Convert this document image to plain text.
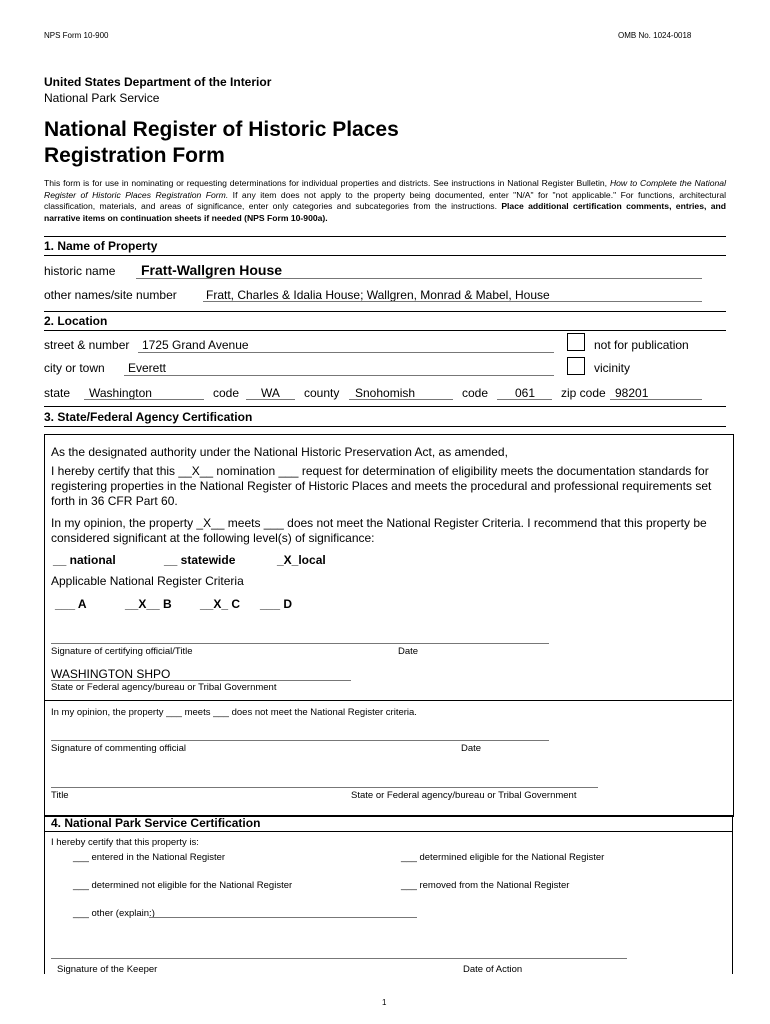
NPS Form 10-900	OMB No. 1024-0018
United States Department of the Interior
National Park Service
National Register of Historic Places
Registration Form
This form is for use in nominating or requesting determinations for individual properties and districts. See instructions in National Register Bulletin, How to Complete the National Register of Historic Places Registration Form. If any item does not apply to the property being documented, enter "N/A" for "not applicable." For functions, architectural classification, materials, and areas of significance, enter only categories and subcategories from the instructions. Place additional certification comments, entries, and narrative items on continuation sheets if needed (NPS Form 10-900a).
1. Name of Property
historic name Fratt-Wallgren House
other names/site number Fratt, Charles & Idalia House; Wallgren, Monrad & Mabel, House
2. Location
street & number 1725 Grand Avenue	not for publication
city or town Everett	vicinity
state Washington	code WA county Snohomish	code 061 zip code 98201
3. State/Federal Agency Certification
As the designated authority under the National Historic Preservation Act, as amended,
I hereby certify that this __X__ nomination ___ request for determination of eligibility meets the documentation standards for registering properties in the National Register of Historic Places and meets the procedural and professional requirements set forth in 36 CFR Part 60.
In my opinion, the property _X__ meets ___ does not meet the National Register Criteria. I recommend that this property be considered significant at the following level(s) of significance:
__ national	__ statewide	_X_local
Applicable National Register Criteria
___ A	__X__ B __X_ C ___ D
Signature of certifying official/Title	Date
WASHINGTON SHPO
State or Federal agency/bureau or Tribal Government
In my opinion, the property ___ meets ___ does not meet the National Register criteria.
Signature of commenting official	Date
Title	State or Federal agency/bureau or Tribal Government
4. National Park Service Certification
I hereby certify that this property is:
___ entered in the National Register	___ determined eligible for the National Register
___ determined not eligible for the National Register	___ removed from the National Register
___ other (explain:)
Signature of the Keeper	Date of Action
1
